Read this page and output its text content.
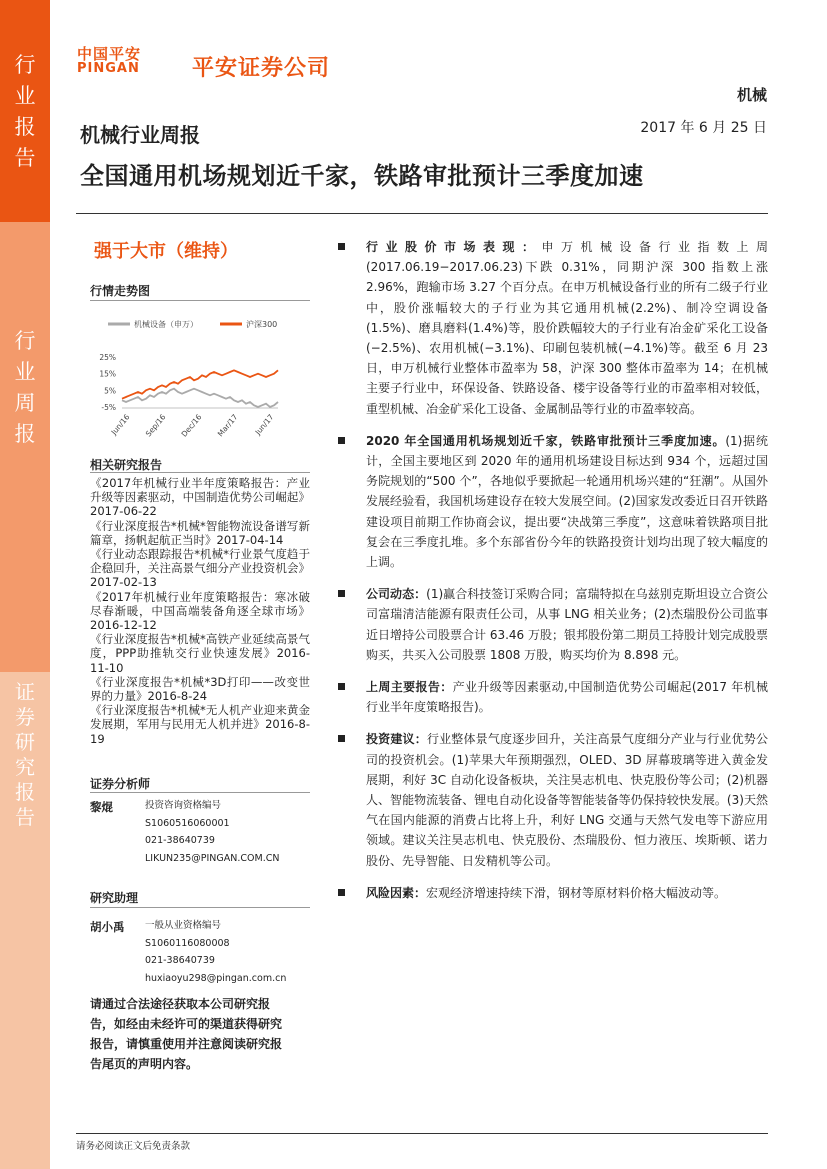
行
业
报
告
行
业
周
报
证
券
研
究
报
告
中国平安
PINGAN 平安证券公司
机械
2017 年 6 月 25 日
机械行业周报
全国通用机场规划近千家，铁路审批预计三季度加速
强于大市（维持）
行情走势图
机械设备（申万）	沪深300
25%
15%
5%
-5%
Jun/16 Sep/16 Dec/16 Mar/17 Jun/17
相关研究报告
《2017年机械行业半年度策略报告：产业升级等因素驱动，中国制造优势公司崛起》2017-06-22
《行业深度报告*机械*智能物流设备谱写新篇章，扬帆起航正当时》2017-04-14
《行业动态跟踪报告*机械*行业景气度趋于企稳回升，关注高景气细分产业投资机会》2017-02-13
《2017年机械行业年度策略报告：寒冰破尽春渐暖，中国高端装备角逐全球市场》2016-12-12
《行业深度报告*机械*高铁产业延续高景气度，PPP助推轨交行业快速发展》2016-11-10
《行业深度报告*机械*3D打印——改变世界的力量》2016-8-24
《行业深度报告*机械*无人机产业迎来黄金发展期，军用与民用无人机并进》2016-8-19
证券分析师
黎焜	投资咨询资格编号
S1060516060001
021-38640739
LIKUN235@PINGAN.COM.CN
研究助理
胡小禹 一般从业资格编号
S1060116080008
021-38640739
huxiaoyu298@pingan.com.cn
请通过合法途径获取本公司研究报告，如经由未经许可的渠道获得研究报告，请慎重使用并注意阅读研究报告尾页的声明内容。
行业股价市场表现：申万机械设备行业指数上周(2017.06.19−2017.06.23)下跌 0.31%，同期沪深 300 指数上涨 2.96%，跑输市场 3.27 个百分点。在申万机械设备行业的所有二级子行业中，股价涨幅较大的子行业为其它通用机械(2.2%)、制冷空调设备(1.5%)、磨具磨料(1.4%)等，股价跌幅较大的子行业有冶金矿采化工设备(−2.5%)、农用机械(−3.1%)、印刷包装机械(−4.1%)等。截至 6 月 23 日，申万机械行业整体市盈率为 58，沪深 300 整体市盈率为 14；在机械主要子行业中，环保设备、铁路设备、楼宇设备等行业的市盈率相对较低，重型机械、冶金矿采化工设备、金属制品等行业的市盈率较高。
2020 年全国通用机场规划近千家，铁路审批预计三季度加速。(1)据统计，全国主要地区到 2020 年的通用机场建设目标达到 934 个，远超过国务院规划的“500 个”，各地似乎要掀起一轮通用机场兴建的“狂潮”。从国外发展经验看，我国机场建设存在较大发展空间。(2)国家发改委近日召开铁路建设项目前期工作协商会议，提出要“决战第三季度”，这意味着铁路项目批复会在三季度扎堆。多个东部省份今年的铁路投资计划均出现了较大幅度的上调。
公司动态：(1)赢合科技签订采购合同；富瑞特拟在乌兹别克斯坦设立合资公司富瑞清洁能源有限责任公司，从事 LNG 相关业务；(2)杰瑞股份公司监事近日增持公司股票合计 63.46 万股；银邦股份第二期员工持股计划完成股票购买，共买入公司股票 1808 万股，购买均价为 8.898 元。
上周主要报告：产业升级等因素驱动,中国制造优势公司崛起(2017 年机械行业半年度策略报告)。
投资建议：行业整体景气度逐步回升，关注高景气度细分产业与行业优势公司的投资机会。(1)苹果大年预期强烈，OLED、3D 屏幕玻璃等进入黄金发展期，利好 3C 自动化设备板块，关注昊志机电、快克股份等公司；(2)机器人、智能物流装备、锂电自动化设备等智能装备等仍保持较快发展。(3)天然气在国内能源的消费占比将上升，利好 LNG 交通与天然气发电等下游应用领域。建议关注昊志机电、快克股份、杰瑞股份、恒力液压、埃斯顿、诺力股份、先导智能、日发精机等公司。
风险因素：宏观经济增速持续下滑，钢材等原材料价格大幅波动等。
请务必阅读正文后免责条款
